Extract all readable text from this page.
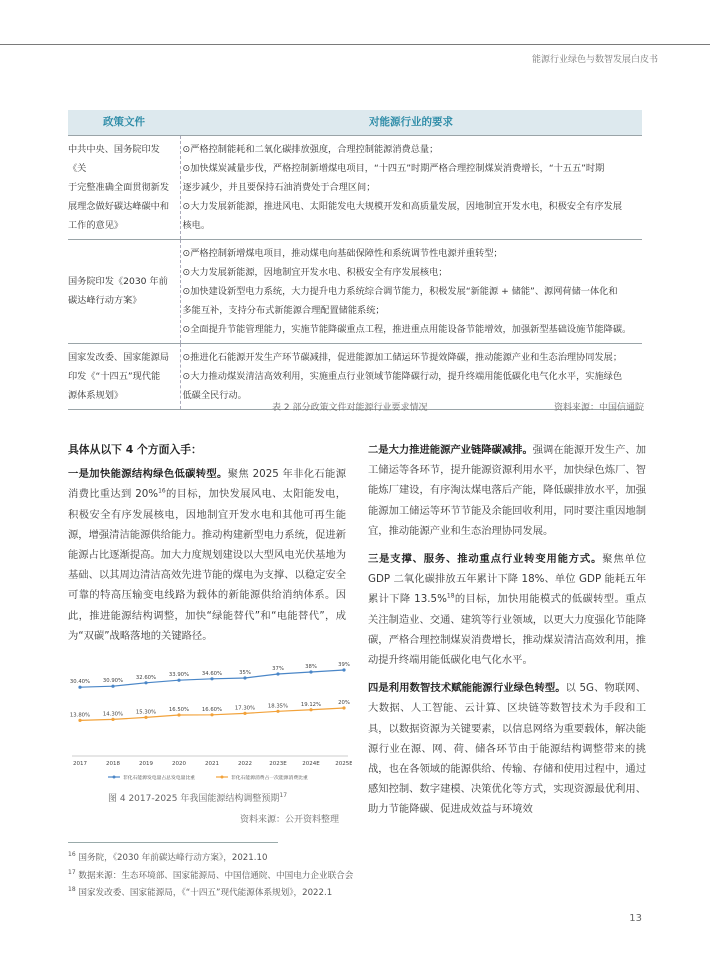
能源行业绿色与数智发展白皮书
政策文件	对能源行业的要求

中共中央、国务院印发《关
于完整准确全面贯彻新发
展理念做好碳达峰碳中和
工作的意见》	⊙严格控制能耗和二氧化碳排放强度，合理控制能源消费总量；
⊙加快煤炭减量步伐，严格控制新增煤电项目，“十四五”时期严格合理控制煤炭消费增长，“十五五”时期
逐步减少，并且要保持石油消费处于合理区间；
⊙大力发展新能源，推进风电、太阳能发电大规模开发和高质量发展，因地制宜开发水电，积极安全有序发展
核电。

国务院印发《2030 年前
碳达峰行动方案》	⊙严格控制新增煤电项目，推动煤电向基础保障性和系统调节性电源并重转型；
⊙大力发展新能源，因地制宜开发水电、积极安全有序发展核电；
⊙加快建设新型电力系统，大力提升电力系统综合调节能力，积极发展“新能源 + 储能”、源网荷储一体化和
多能互补，支持分布式新能源合理配置储能系统；
⊙全面提升节能管理能力，实施节能降碳重点工程，推进重点用能设备节能增效，加强新型基础设施节能降碳。

国家发改委、国家能源局
印发《“十四五”现代能
源体系规划》	⊙推进化石能源开发生产环节碳减排，促进能源加工储运环节提效降碳，推动能源产业和生态治理协同发展；
⊙大力推动煤炭清洁高效利用，实施重点行业领域节能降碳行动，提升终端用能低碳化电气化水平，实施绿色
低碳全民行动。
表 2 部分政策文件对能源行业要求情况	资料来源：中国信通院

具体从以下 4 个方面入手：

一是加快能源结构绿色低碳转型。聚焦 2025 年非化石能源消费比重达到 20%$^{16}$的目标，加快发展风电、太阳能发电，积极安全有序发展核电，因地制宜开发水电和其他可再生能源，增强清洁能源供给能力。推动构建新型电力系统，促进新能源占比逐渐提高。加大力度规划建设以大型风电光伏基地为基础、以其周边清洁高效先进节能的煤电为支撑、以稳定安全可靠的特高压输变电线路为载体的新能源供给消纳体系。因此，推进能源结构调整，加快“绿能替代”和“电能替代”，成为“双碳”战略落地的关键路径。

2017	2018	2019	2020	2021	2022	2023E	2024E	2025E
30.40% 30.90%
32.60% 33.90% 34.60%	35%
37%	38%	39%
13.80% 14.30% 15.30% 16.50% 16.60% 17.30% 18.35% 19.12%	20%
非化石能源发电量占总发电量比重	非化石能源消费占一次能源消费比重
图 4 2017-2025 年我国能源结构调整预期$^{17}$
资料来源：公开资料整理

二是大力推进能源产业链降碳减排。强调在能源开发生产、加工储运等各环节，提升能源资源利用水平，加快绿色炼厂、智能炼厂建设，有序淘汰煤电落后产能，降低碳排放水平，加强能源加工储运等环节节能及余能回收利用，同时要注重因地制宜，推动能源产业和生态治理协同发展。

三是支撑、服务、推动重点行业转变用能方式。聚焦单位 GDP 二氧化碳排放五年累计下降 18%、单位 GDP 能耗五年累计下降 13.5%$^{18}$的目标，加快用能模式的低碳转型。重点关注制造业、交通、建筑等行业领域，以更大力度强化节能降碳，严格合理控制煤炭消费增长，推动煤炭清洁高效利用，推动提升终端用能低碳化电气化水平。

四是利用数智技术赋能能源行业绿色转型。以 5G、物联网、大数据、人工智能、云计算、区块链等数智技术为手段和工具，以数据资源为关键要素，以信息网络为重要载体，解决能源行业在源、网、荷、储各环节由于能源结构调整带来的挑战，也在各领域的能源供给、传输、存储和使用过程中，通过感知控制、数字建模、决策优化等方式，实现资源最优利用、助力节能降碳、促进成效益与环境效

$^{16}$ 国务院，《2030 年前碳达峰行动方案》，2021.10
$^{17}$ 数据来源：生态环境部、国家能源局、中国信通院、中国电力企业联合会
$^{18}$ 国家发改委、国家能源局，《“十四五”现代能源体系规划》，2022.1
13
